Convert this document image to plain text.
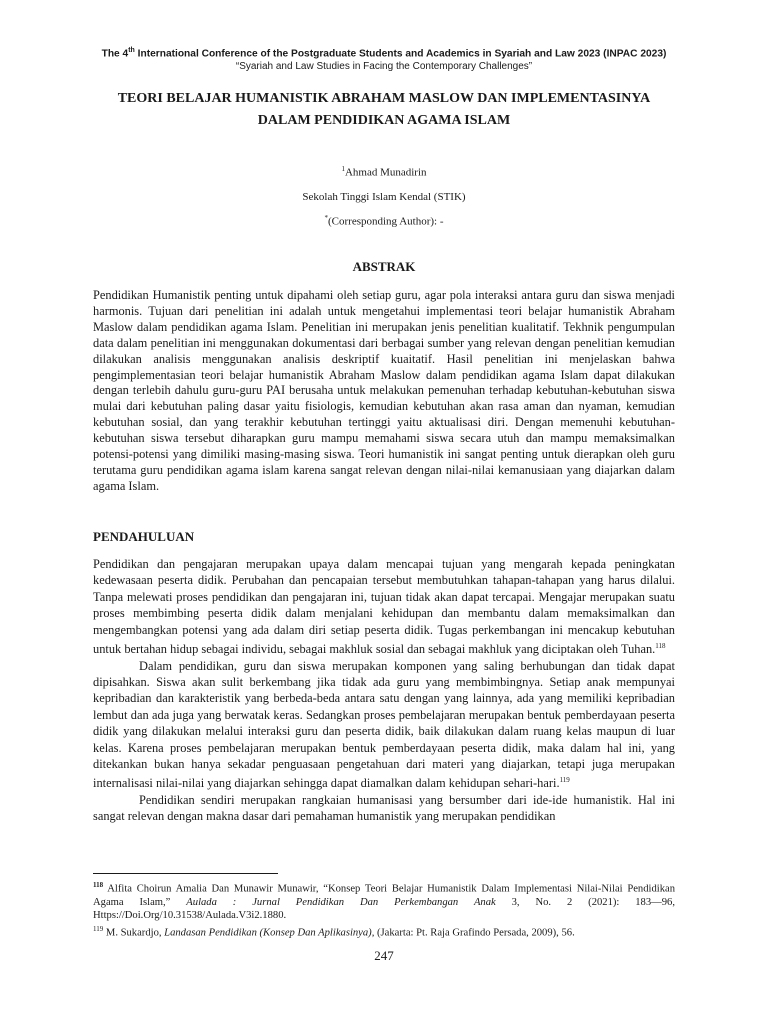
The 4th International Conference of the Postgraduate Students and Academics in Syariah and Law 2023 (INPAC 2023)
“Syariah and Law Studies in Facing the Contemporary Challenges”
TEORI BELAJAR HUMANISTIK ABRAHAM MASLOW DAN IMPLEMENTASINYA
DALAM PENDIDIKAN AGAMA ISLAM
$^1$Ahmad Munadirin
Sekolah Tinggi Islam Kendal (STIK)
*(Corresponding Author): -
ABSTRAK

Pendidikan Humanistik penting untuk dipahami oleh setiap guru, agar pola interaksi antara guru dan siswa menjadi harmonis. Tujuan dari penelitian ini adalah untuk mengetahui implementasi teori belajar humanistik Abraham Maslow dalam pendidikan agama Islam. Penelitian ini merupakan jenis penelitian kualitatif. Tekhnik pengumpulan data dalam penelitian ini menggunakan dokumentasi dari berbagai sumber yang relevan dengan penelitian kemudian dilakukan analisis menggunakan analisis deskriptif kuaitatif. Hasil penelitian ini menjelaskan bahwa pengimplementasian teori belajar humanistik Abraham Maslow dalam pendidikan agama Islam dapat dilakukan dengan terlebih dahulu guru-guru PAI berusaha untuk melakukan pemenuhan terhadap kebutuhan-kebutuhan siswa mulai dari kebutuhan paling dasar yaitu fisiologis, kemudian kebutuhan akan rasa aman dan nyaman, kemudian kebutuhan sosial, dan yang terakhir kebutuhan tertinggi yaitu aktualisasi diri. Dengan memenuhi kebutuhan-kebutuhan siswa tersebut diharapkan guru mampu memahami siswa secara utuh dan mampu memaksimalkan potensi-potensi yang dimiliki masing-masing siswa. Teori humanistik ini sangat penting untuk dierapkan oleh guru terutama guru pendidikan agama islam karena sangat relevan dengan nilai-nilai kemanusiaan yang diajarkan dalam agama Islam.

PENDAHULUAN

Pendidikan dan pengajaran merupakan upaya dalam mencapai tujuan yang mengarah kepada peningkatan kedewasaan peserta didik. Perubahan dan pencapaian tersebut membutuhkan tahapan-tahapan yang harus dilalui. Tanpa melewati proses pendidikan dan pengajaran ini, tujuan tidak akan dapat tercapai. Mengajar merupakan suatu proses membimbing peserta didik dalam menjalani kehidupan dan membantu dalam memaksimalkan dan mengembangkan potensi yang ada dalam diri setiap peserta didik. Tugas perkembangan ini mencakup kebutuhan untuk bertahan hidup sebagai individu, sebagai makhluk sosial dan sebagai makhluk yang diciptakan oleh Tuhan.$^{118}$

Dalam pendidikan, guru dan siswa merupakan komponen yang saling berhubungan dan tidak dapat dipisahkan. Siswa akan sulit berkembang jika tidak ada guru yang membimbingnya. Setiap anak mempunyai kepribadian dan karakteristik yang berbeda-beda antara satu dengan yang lainnya, ada yang memiliki kepribadian lembut dan ada juga yang berwatak keras. Sedangkan proses pembelajaran merupakan bentuk pemberdayaan peserta didik yang dilakukan melalui interaksi guru dan peserta didik, baik dilakukan dalam ruang kelas maupun di luar kelas. Karena proses pembelajaran merupakan bentuk pemberdayaan peserta didik, maka dalam hal ini, yang ditekankan bukan hanya sekadar penguasaan pengetahuan dari materi yang diajarkan, tetapi juga merupakan internalisasi nilai-nilai yang diajarkan sehingga dapat diamalkan dalam kehidupan sehari-hari.$^{119}$

Pendidikan sendiri merupakan rangkaian humanisasi yang bersumber dari ide-ide humanistik. Hal ini sangat relevan dengan makna dasar dari pemahaman humanistik yang merupakan pendidikan

$^{118}$ Alfita Choirun Amalia Dan Munawir Munawir, “Konsep Teori Belajar Humanistik Dalam Implementasi Nilai-Nilai Pendidikan Agama Islam,” Aulada : Jurnal Pendidikan Dan Perkembangan Anak 3, No. 2 (2021): 183—96, Https://Doi.Org/10.31538/Aulada.V3i2.1880.

$^{119}$ M. Sukardjo, Landasan Pendidikan (Konsep Dan Aplikasinya), (Jakarta: Pt. Raja Grafindo Persada, 2009), 56.

247
